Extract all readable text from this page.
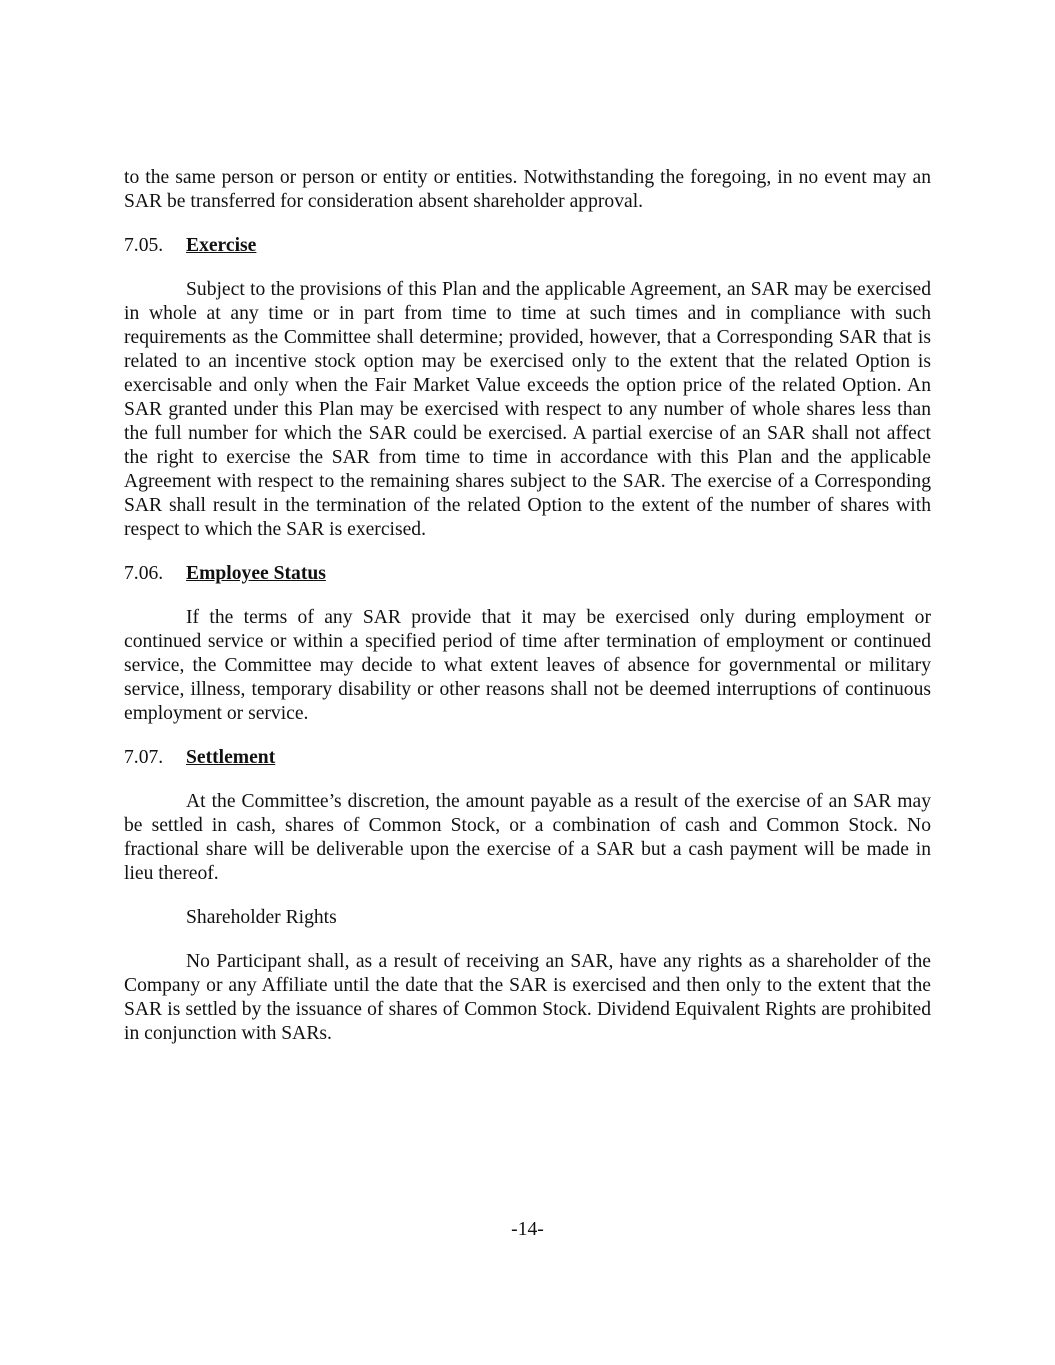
to the same person or person or entity or entities. Notwithstanding the foregoing, in no event may an SAR be transferred for consideration absent shareholder approval.

7.05. Exercise

Subject to the provisions of this Plan and the applicable Agreement, an SAR may be exercised in whole at any time or in part from time to time at such times and in compliance with such requirements as the Committee shall determine; provided, however, that a Corresponding SAR that is related to an incentive stock option may be exercised only to the extent that the related Option is exercisable and only when the Fair Market Value exceeds the option price of the related Option. An SAR granted under this Plan may be exercised with respect to any number of whole shares less than the full number for which the SAR could be exercised. A partial exercise of an SAR shall not affect the right to exercise the SAR from time to time in accordance with this Plan and the applicable Agreement with respect to the remaining shares subject to the SAR. The exercise of a Corresponding SAR shall result in the termination of the related Option to the extent of the number of shares with respect to which the SAR is exercised.

7.06. Employee Status

If the terms of any SAR provide that it may be exercised only during employment or continued service or within a specified period of time after termination of employment or continued service, the Committee may decide to what extent leaves of absence for governmental or military service, illness, temporary disability or other reasons shall not be deemed interruptions of continuous employment or service.

7.07. Settlement

At the Committee’s discretion, the amount payable as a result of the exercise of an SAR may be settled in cash, shares of Common Stock, or a combination of cash and Common Stock. No fractional share will be deliverable upon the exercise of a SAR but a cash payment will be made in lieu thereof.

Shareholder Rights

No Participant shall, as a result of receiving an SAR, have any rights as a shareholder of the Company or any Affiliate until the date that the SAR is exercised and then only to the extent that the SAR is settled by the issuance of shares of Common Stock. Dividend Equivalent Rights are prohibited in conjunction with SARs.

-14-
